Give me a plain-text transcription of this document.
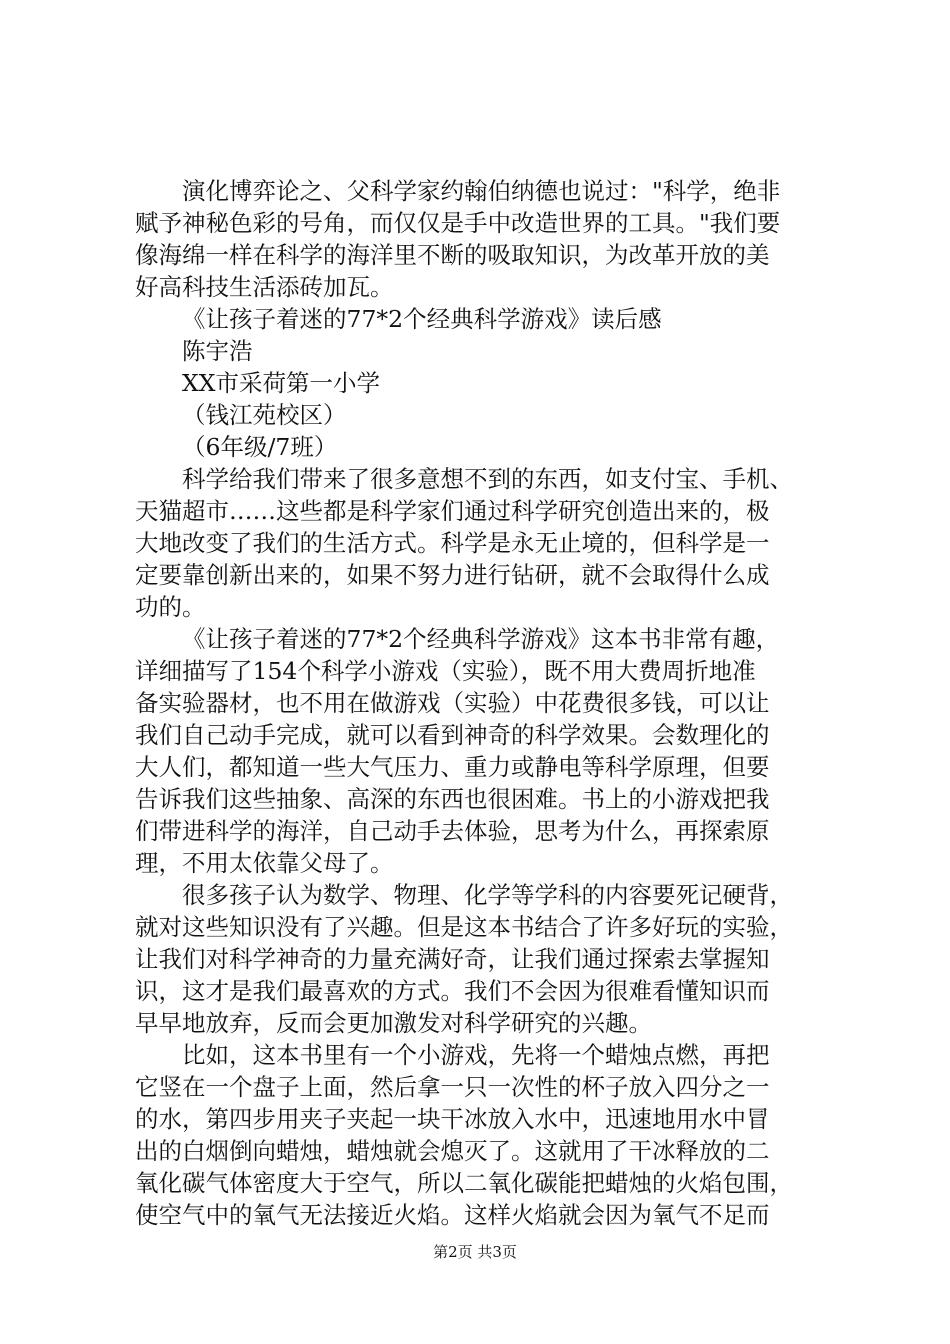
演化博弈论之、父科学家约翰伯纳德也说过："科学，绝非
赋予神秘色彩的号角，而仅仅是手中改造世界的工具。"我们要
像海绵一样在科学的海洋里不断的吸取知识，为改革开放的美
好高科技生活添砖加瓦。
《让孩子着迷的77*2个经典科学游戏》读后感
陈宇浩
XX市采荷第一小学
（钱江苑校区）
（6年级/7班）
科学给我们带来了很多意想不到的东西，如支付宝、手机、
天猫超市……这些都是科学家们通过科学研究创造出来的，极
大地改变了我们的生活方式。科学是永无止境的，但科学是一
定要靠创新出来的，如果不努力进行钻研，就不会取得什么成
功的。
《让孩子着迷的77*2个经典科学游戏》这本书非常有趣，
详细描写了154个科学小游戏（实验），既不用大费周折地准
备实验器材，也不用在做游戏（实验）中花费很多钱，可以让
我们自己动手完成，就可以看到神奇的科学效果。会数理化的
大人们，都知道一些大气压力、重力或静电等科学原理，但要
告诉我们这些抽象、高深的东西也很困难。书上的小游戏把我
们带进科学的海洋，自己动手去体验，思考为什么，再探索原
理，不用太依靠父母了。
很多孩子认为数学、物理、化学等学科的内容要死记硬背，
就对这些知识没有了兴趣。但是这本书结合了许多好玩的实验，
让我们对科学神奇的力量充满好奇，让我们通过探索去掌握知
识，这才是我们最喜欢的方式。我们不会因为很难看懂知识而
早早地放弃，反而会更加激发对科学研究的兴趣。
比如，这本书里有一个小游戏，先将一个蜡烛点燃，再把
它竖在一个盘子上面，然后拿一只一次性的杯子放入四分之一
的水，第四步用夹子夹起一块干冰放入水中，迅速地用水中冒
出的白烟倒向蜡烛，蜡烛就会熄灭了。这就用了干冰释放的二
氧化碳气体密度大于空气，所以二氧化碳能把蜡烛的火焰包围，
使空气中的氧气无法接近火焰。这样火焰就会因为氧气不足而
第2页 共3页
